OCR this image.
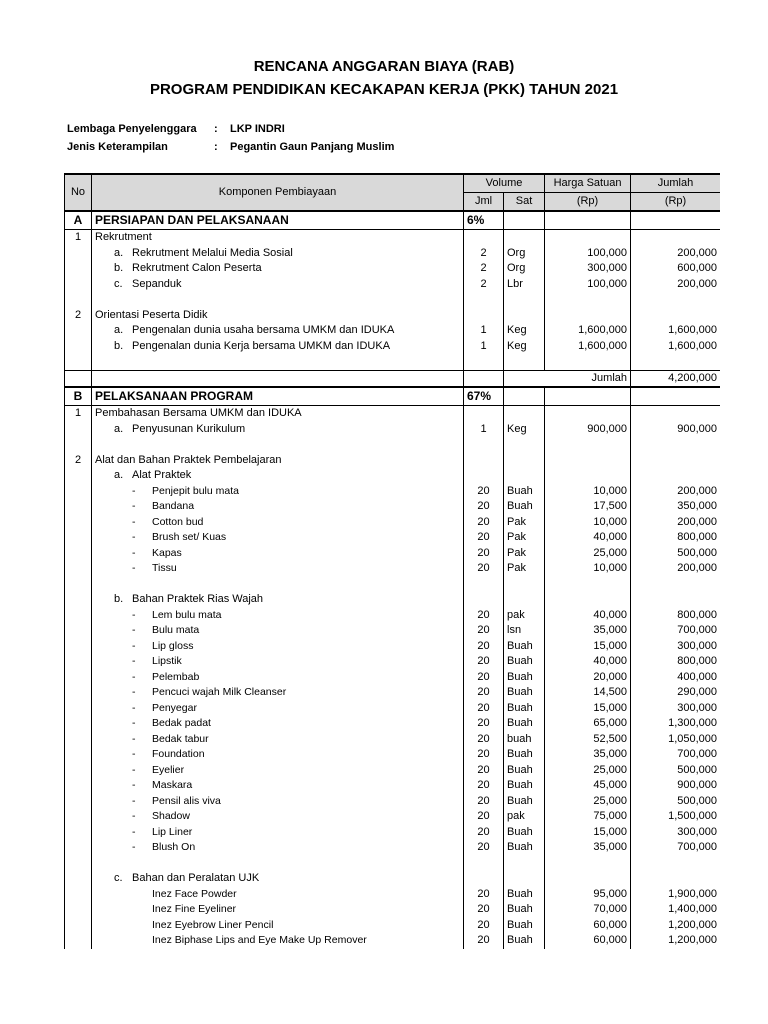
RENCANA ANGGARAN BIAYA (RAB)
PROGRAM PENDIDIKAN KECAKAPAN KERJA (PKK) TAHUN 2021
Lembaga Penyelenggara : LKP INDRI
Jenis Keterampilan	: Pegantin Gaun Panjang Muslim
No	Komponen Pembiayaan	Volume		Harga Satuan	Jumlah
		Jml	Sat	(Rp)	(Rp)
A	PERSIAPAN DAN PELAKSANAAN	6%			
1	Rekrutment				
	a. Rekrutment Melalui Media Sosial	2	Org	100,000	200,000
	b. Rekrutment Calon Peserta	2	Org	300,000	600,000
	c. Sepanduk	2	Lbr	100,000	200,000

2	Orientasi Peserta Didik				
	a. Pengenalan dunia usaha bersama UMKM dan IDUKA	1	Keg	1,600,000	1,600,000
	b. Pengenalan dunia Kerja bersama UMKM dan IDUKA	1	Keg	1,600,000	1,600,000

			Jumlah		4,200,000
B	PELAKSANAAN PROGRAM	67%			
1	Pembahasan Bersama UMKM dan IDUKA				
	a. Penyusunan Kurikulum	1	Keg	900,000	900,000

2	Alat dan Bahan Praktek Pembelajaran				
	a. Alat Praktek				
	- Penjepit bulu mata	20	Buah	10,000	200,000
	- Bandana	20	Buah	17,500	350,000
	- Cotton bud	20	Pak	10,000	200,000
	- Brush set/ Kuas	20	Pak	40,000	800,000
	- Kapas	20	Pak	25,000	500,000
	- Tissu	20	Pak	10,000	200,000

	b. Bahan Praktek Rias Wajah				
	- Lem bulu mata	20	pak	40,000	800,000
	- Bulu mata	20	lsn	35,000	700,000
	- Lip gloss	20	Buah	15,000	300,000
	- Lipstik	20	Buah	40,000	800,000
	- Pelembab	20	Buah	20,000	400,000
	- Pencuci wajah Milk Cleanser	20	Buah	14,500	290,000
	- Penyegar	20	Buah	15,000	300,000
	- Bedak padat	20	Buah	65,000	1,300,000
	- Bedak tabur	20	buah	52,500	1,050,000
	- Foundation	20	Buah	35,000	700,000
	- Eyelier	20	Buah	25,000	500,000
	- Maskara	20	Buah	45,000	900,000
	- Pensil alis viva	20	Buah	25,000	500,000
	- Shadow	20	pak	75,000	1,500,000
	- Lip Liner	20	Buah	15,000	300,000
	- Blush On	20	Buah	35,000	700,000

	c. Bahan dan Peralatan UJK				
	Inez Face Powder	20	Buah	95,000	1,900,000
	Inez Fine Eyeliner	20	Buah	70,000	1,400,000
	Inez Eyebrow Liner Pencil	20	Buah	60,000	1,200,000
	Inez Biphase Lips and Eye Make Up Remover	20	Buah	60,000	1,200,000
